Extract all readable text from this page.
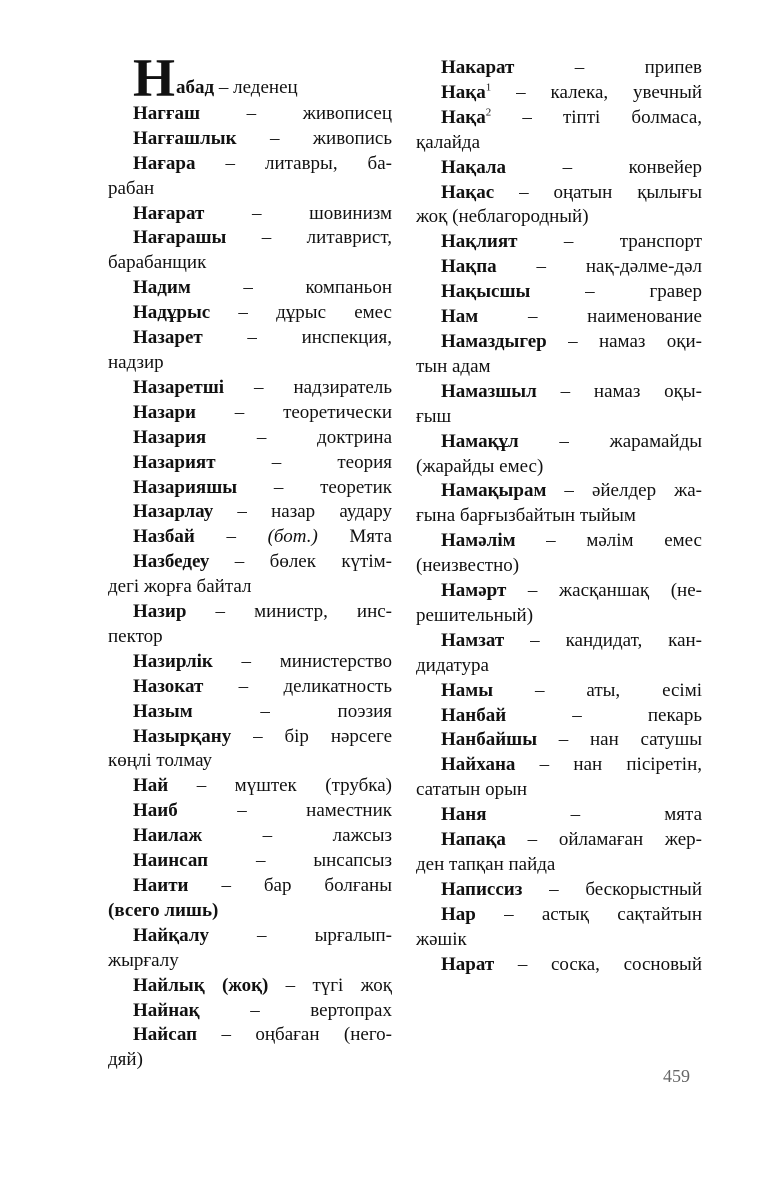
Набад – леденец
Нагғаш – живописец
Нагғашлык – живопись
Нағара – литавры, ба-
рабан
Нағарат – шовинизм
Нағарашы – литаврист,
барабанщик
Надим – компаньон
Надұрыс – дұрыс емес
Назарет – инспекция,
надзир
Назаретші – надзиратель
Назари – теоретически
Назария – доктрина
Назарият – теория
Назарияшы – теоретик
Назарлау – назар аудару
Назбай – (бот.) Мята
Назбедеу – бөлек күтім-
дегі жорға байтал
Назир – министр, инс-
пектор
Назирлік – министерство
Назокат – деликатность
Назым – поэзия
Назырқану – бір нәрсеге
көңлі толмау
Най – мүштек (трубка)
Наиб – наместник
Наилаж – лажсыз
Наинсап – ынсапсыз
Наити – бар болғаны
(всего лишь)
Найқалу – ырғалып-
жырғалу
Найлық (жоқ) – түгі жоқ
Найнақ – вертопрах
Найсап – оңбаған (него-
дяй)
Накарат – припев
Нақа$^1$ – калека, увечный
Нақа$^2$ – тіпті болмаса,
қалайда
Нақала – конвейер
Нақас – оңатын қылығы
жоқ (неблагородный)
Нақлият – транспорт
Нақпа – нақ-дәлме-дәл
Нақысшы – гравер
Нам – наименование
Намаздыгер – намаз оқи-
тын адам
Намазшыл – намаз оқы-
ғыш
Намақұл – жарамайды
(жарайды емес)
Намақырам – әйелдер жа-
ғына барғызбайтын тыйым
Намәлім – мәлім емес
(неизвестно)
Намәрт – жасқаншақ (не-
решительный)
Намзат – кандидат, кан-
дидатура
Намы – аты, есімі
Нанбай – пекарь
Нанбайшы – нан сатушы
Найхана – нан пісіретін,
сататын орын
Наня – мята
Напақа – ойламаған жер-
ден тапқан пайда
Написсиз – бескорыстный
Нар – астық сақтайтын
жәшік
Нарат – соска, сосновый
459
